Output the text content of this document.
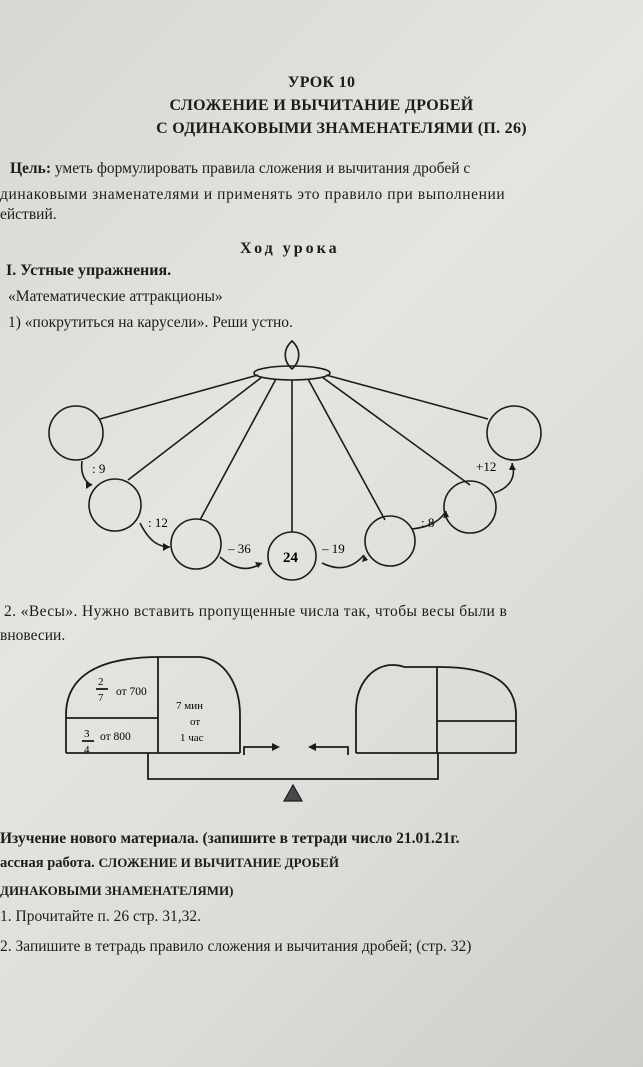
УРОК 10
СЛОЖЕНИЕ И ВЫЧИТАНИЕ ДРОБЕЙ
С ОДИНАКОВЫМИ ЗНАМЕНАТЕЛЯМИ (П. 26)
Цель: уметь формулировать правила сложения и вычитания дробей с
динаковыми знаменателями и применять это правило при выполнении
ействий.
Ход урока
I. Устные упражнения.
«Математические аттракционы»
1) «покрутиться на карусели». Реши устно.
: 9
: 12
– 36
24
– 19
: 8
+12
2. «Весы». Нужно вставить пропущенные числа так, чтобы весы были в
вновесии.
2
7 от 700
3
4
от 800
7 мин
от
1 час
Изучение нового материала. (запишите в тетради число 21.01.21г.
ассная работа. СЛОЖЕНИЕ И ВЫЧИТАНИЕ ДРОБЕЙ
ДИНАКОВЫМИ ЗНАМЕНАТЕЛЯМИ)
1. Прочитайте п. 26 стр. 31,32.
2. Запишите в тетрадь правило сложения и вычитания дробей; (стр. 32)
